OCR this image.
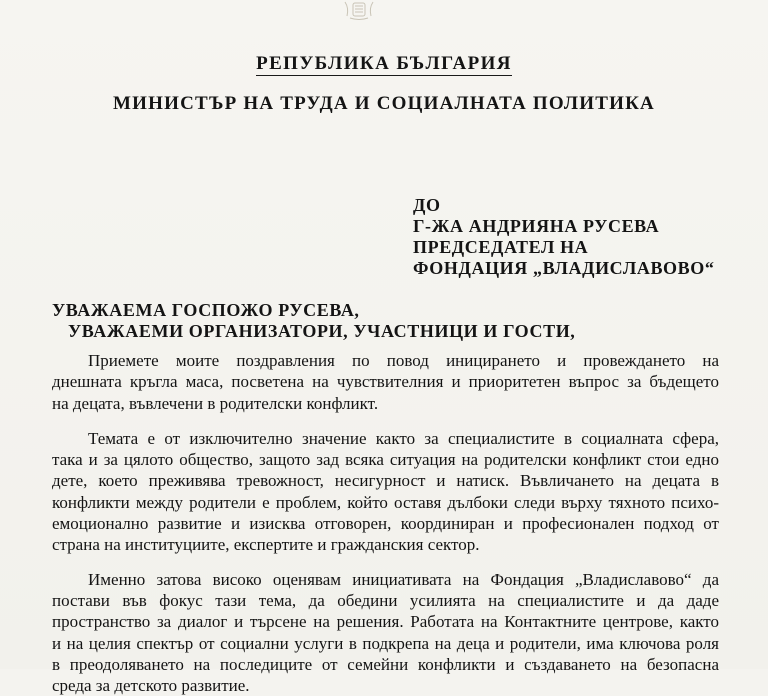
РЕПУБЛИКА БЪЛГАРИЯ
МИНИСТЪР НА ТРУДА И СОЦИАЛНАТА ПОЛИТИКА
ДО
Г-ЖА АНДРИЯНА РУСЕВА
ПРЕДСЕДАТЕЛ НА
ФОНДАЦИЯ „ВЛАДИСЛАВОВО“
УВАЖАЕМА ГОСПОЖО РУСЕВА,
УВАЖАЕМИ ОРГАНИЗАТОРИ, УЧАСТНИЦИ И ГОСТИ,
Приемете моите поздравления по повод иницирането и провеждането на
днешната кръгла маса, посветена на чувствителния и приоритетен въпрос за бъдещето
на децата, въвлечени в родителски конфликт.
Темата е от изключително значение както за специалистите в социалната сфера,
така и за цялото общество, защото зад всяка ситуация на родителски конфликт стои едно
дете, което преживява тревожност, несигурност и натиск. Въвличането на децата в
конфликти между родители е проблем, който оставя дълбоки следи върху тяхното психо-
емоционално развитие и изисква отговорен, координиран и професионален подход от
страна на институциите, експертите и гражданския сектор.
Именно затова високо оценявам инициативата на Фондация „Владиславово“ да
постави във фокус тази тема, да обедини усилията на специалистите и да даде
пространство за диалог и търсене на решения. Работата на Контактните центрове, както
и на целия спектър от социални услуги в подкрепа на деца и родители, има ключова роля
в преодоляването на последиците от семейни конфликти и създаването на безопасна
среда за детското развитие.
